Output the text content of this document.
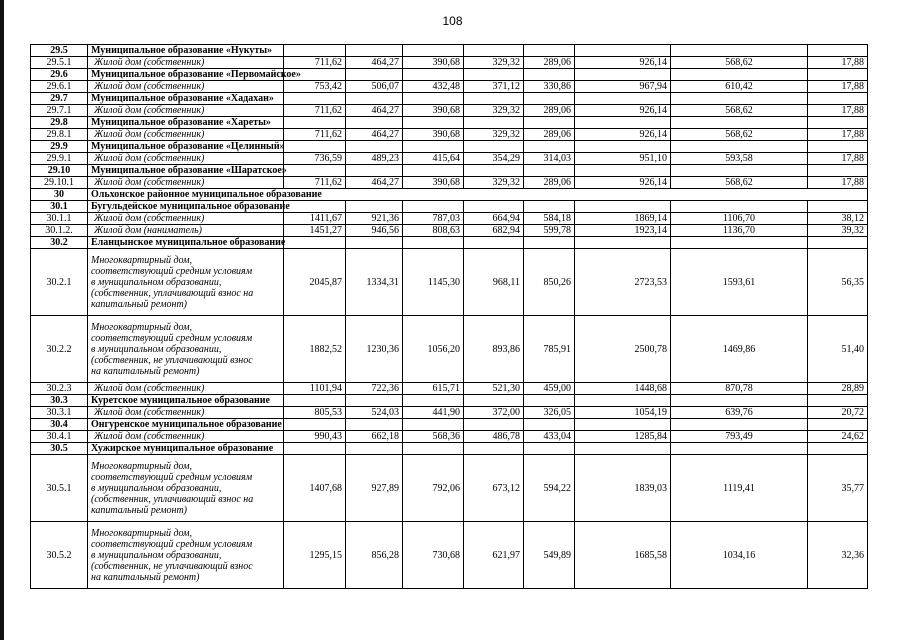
108
29.5	Муниципальное образование «Нукуты»								
29.5.1	Жилой дом (собственник)	711,62	464,27	390,68	329,32	289,06	926,14	568,62	17,88
29.6	Муниципальное образование «Первомайское»								
29.6.1	Жилой дом (собственник)	753,42	506,07	432,48	371,12	330,86	967,94	610,42	17,88
29.7	Муниципальное образование «Хадахан»								
29.7.1	Жилой дом (собственник)	711,62	464,27	390,68	329,32	289,06	926,14	568,62	17,88
29.8	Муниципальное образование «Хареты»								
29.8.1	Жилой дом (собственник)	711,62	464,27	390,68	329,32	289,06	926,14	568,62	17,88
29.9	Муниципальное образование «Целинный»								
29.9.1	Жилой дом (собственник)	736,59	489,23	415,64	354,29	314,03	951,10	593,58	17,88
29.10	Муниципальное образование «Шаратское»								
29.10.1	Жилой дом (собственник)	711,62	464,27	390,68	329,32	289,06	926,14	568,62	17,88
30	Ольхонское районное муниципальное образование								
30.1	Бугульдейское муниципальное образование								
30.1.1	Жилой дом (собственник)	1411,67	921,36	787,03	664,94	584,18	1869,14	1106,70	38,12
30.1.2.	Жилой дом (наниматель)	1451,27	946,56	808,63	682,94	599,78	1923,14	1136,70	39,32
30.2	Еланцынское муниципальное образование								
30.2.1	Многоквартирный дом,
соответствующий средним условиям
в муниципальном образовании,
(собственник, уплачивающий взнос на
капитальный ремонт)	2045,87	1334,31	1145,30	968,11	850,26	2723,53	1593,61	56,35
30.2.2	Многоквартирный дом,
соответствующий средним условиям
в муниципальном образовании,
(собственник, не уплачивающий взнос
на капитальный ремонт)	1882,52	1230,36	1056,20	893,86	785,91	2500,78	1469,86	51,40
30.2.3	Жилой дом (собственник)	1101,94	722,36	615,71	521,30	459,00	1448,68	870,78	28,89
30.3	Куретское муниципальное образование								
30.3.1	Жилой дом (собственник)	805,53	524,03	441,90	372,00	326,05	1054,19	639,76	20,72
30.4	Онгуренское муниципальное образование								
30.4.1	Жилой дом (собственник)	990,43	662,18	568,36	486,78	433,04	1285,84	793,49	24,62
30.5	Хужирское муниципальное образование								
30.5.1	Многоквартирный дом,
соответствующий средним условиям
в муниципальном образовании,
(собственник, уплачивающий взнос на
капитальный ремонт)	1407,68	927,89	792,06	673,12	594,22	1839,03	1119,41	35,77
30.5.2	Многоквартирный дом,
соответствующий средним условиям
в муниципальном образовании,
(собственник, не уплачивающий взнос
на капитальный ремонт)	1295,15	856,28	730,68	621,97	549,89	1685,58	1034,16	32,36
